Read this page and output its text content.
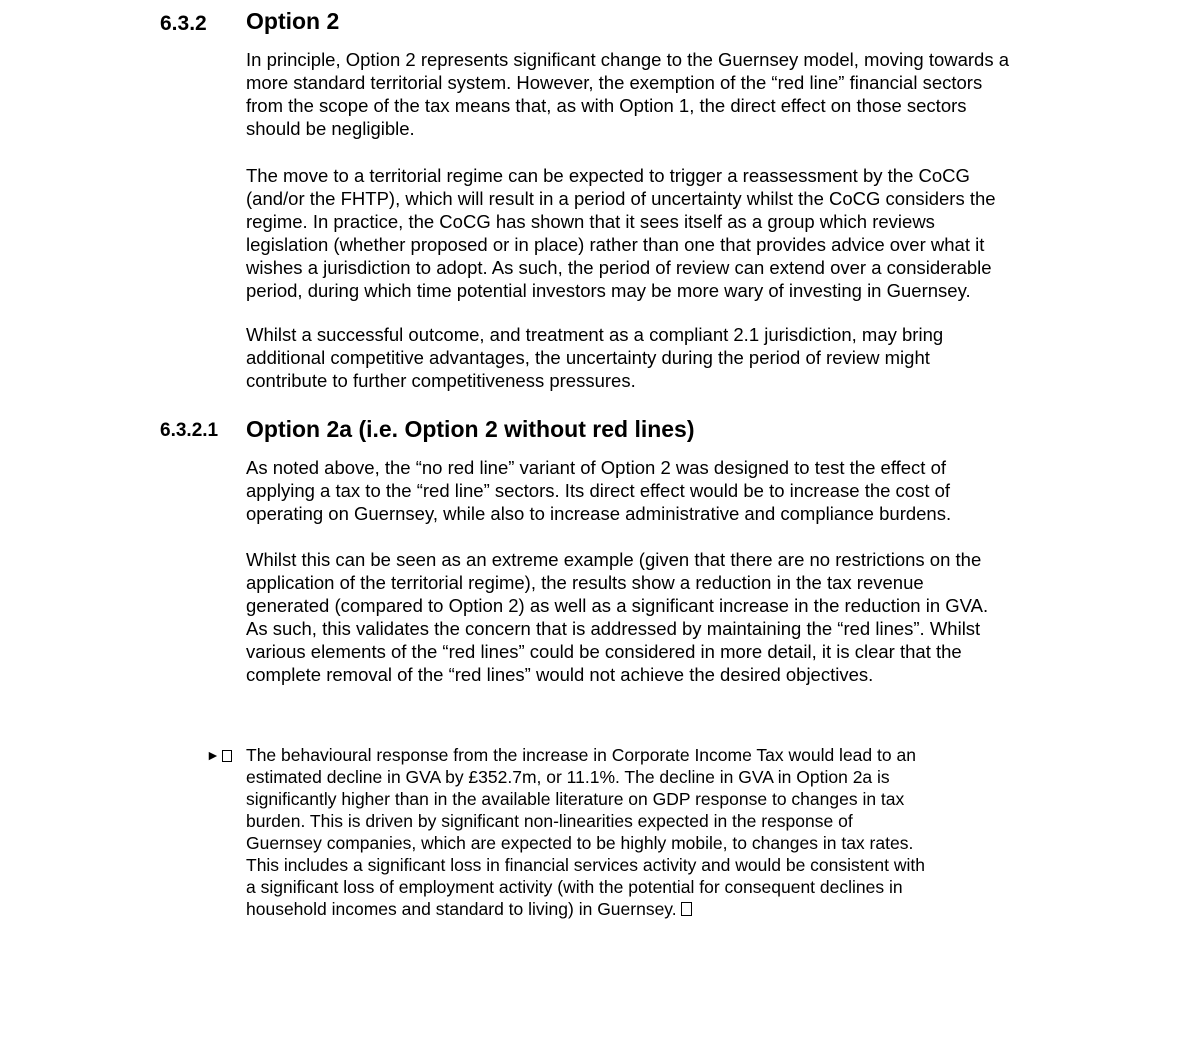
6.3.2 Option 2

In principle, Option 2 represents significant change to the Guernsey model, moving towards a
more standard territorial system. However, the exemption of the “red line” financial sectors
from the scope of the tax means that, as with Option 1, the direct effect on those sectors
should be negligible.

The move to a territorial regime can be expected to trigger a reassessment by the CoCG
(and/or the FHTP), which will result in a period of uncertainty whilst the CoCG considers the
regime. In practice, the CoCG has shown that it sees itself as a group which reviews
legislation (whether proposed or in place) rather than one that provides advice over what it
wishes a jurisdiction to adopt. As such, the period of review can extend over a considerable
period, during which time potential investors may be more wary of investing in Guernsey.

Whilst a successful outcome, and treatment as a compliant 2.1 jurisdiction, may bring
additional competitive advantages, the uncertainty during the period of review might
contribute to further competitiveness pressures.

6.3.2.1 Option 2a (i.e. Option 2 without red lines)

As noted above, the “no red line” variant of Option 2 was designed to test the effect of
applying a tax to the “red line” sectors. Its direct effect would be to increase the cost of
operating on Guernsey, while also to increase administrative and compliance burdens.

Whilst this can be seen as an extreme example (given that there are no restrictions on the
application of the territorial regime), the results show a reduction in the tax revenue
generated (compared to Option 2) as well as a significant increase in the reduction in GVA.
As such, this validates the concern that is addressed by maintaining the “red lines”. Whilst
various elements of the “red lines” could be considered in more detail, it is clear that the
complete removal of the “red lines” would not achieve the desired objectives.

►	The behavioural response from the increase in Corporate Income Tax would lead to an
estimated decline in GVA by £352.7m, or 11.1%. The decline in GVA in Option 2a is
significantly higher than in the available literature on GDP response to changes in tax
burden. This is driven by significant non-linearities expected in the response of
Guernsey companies, which are expected to be highly mobile, to changes in tax rates.
This includes a significant loss in financial services activity and would be consistent with
a significant loss of employment activity (with the potential for consequent declines in
household incomes and standard to living) in Guernsey.
